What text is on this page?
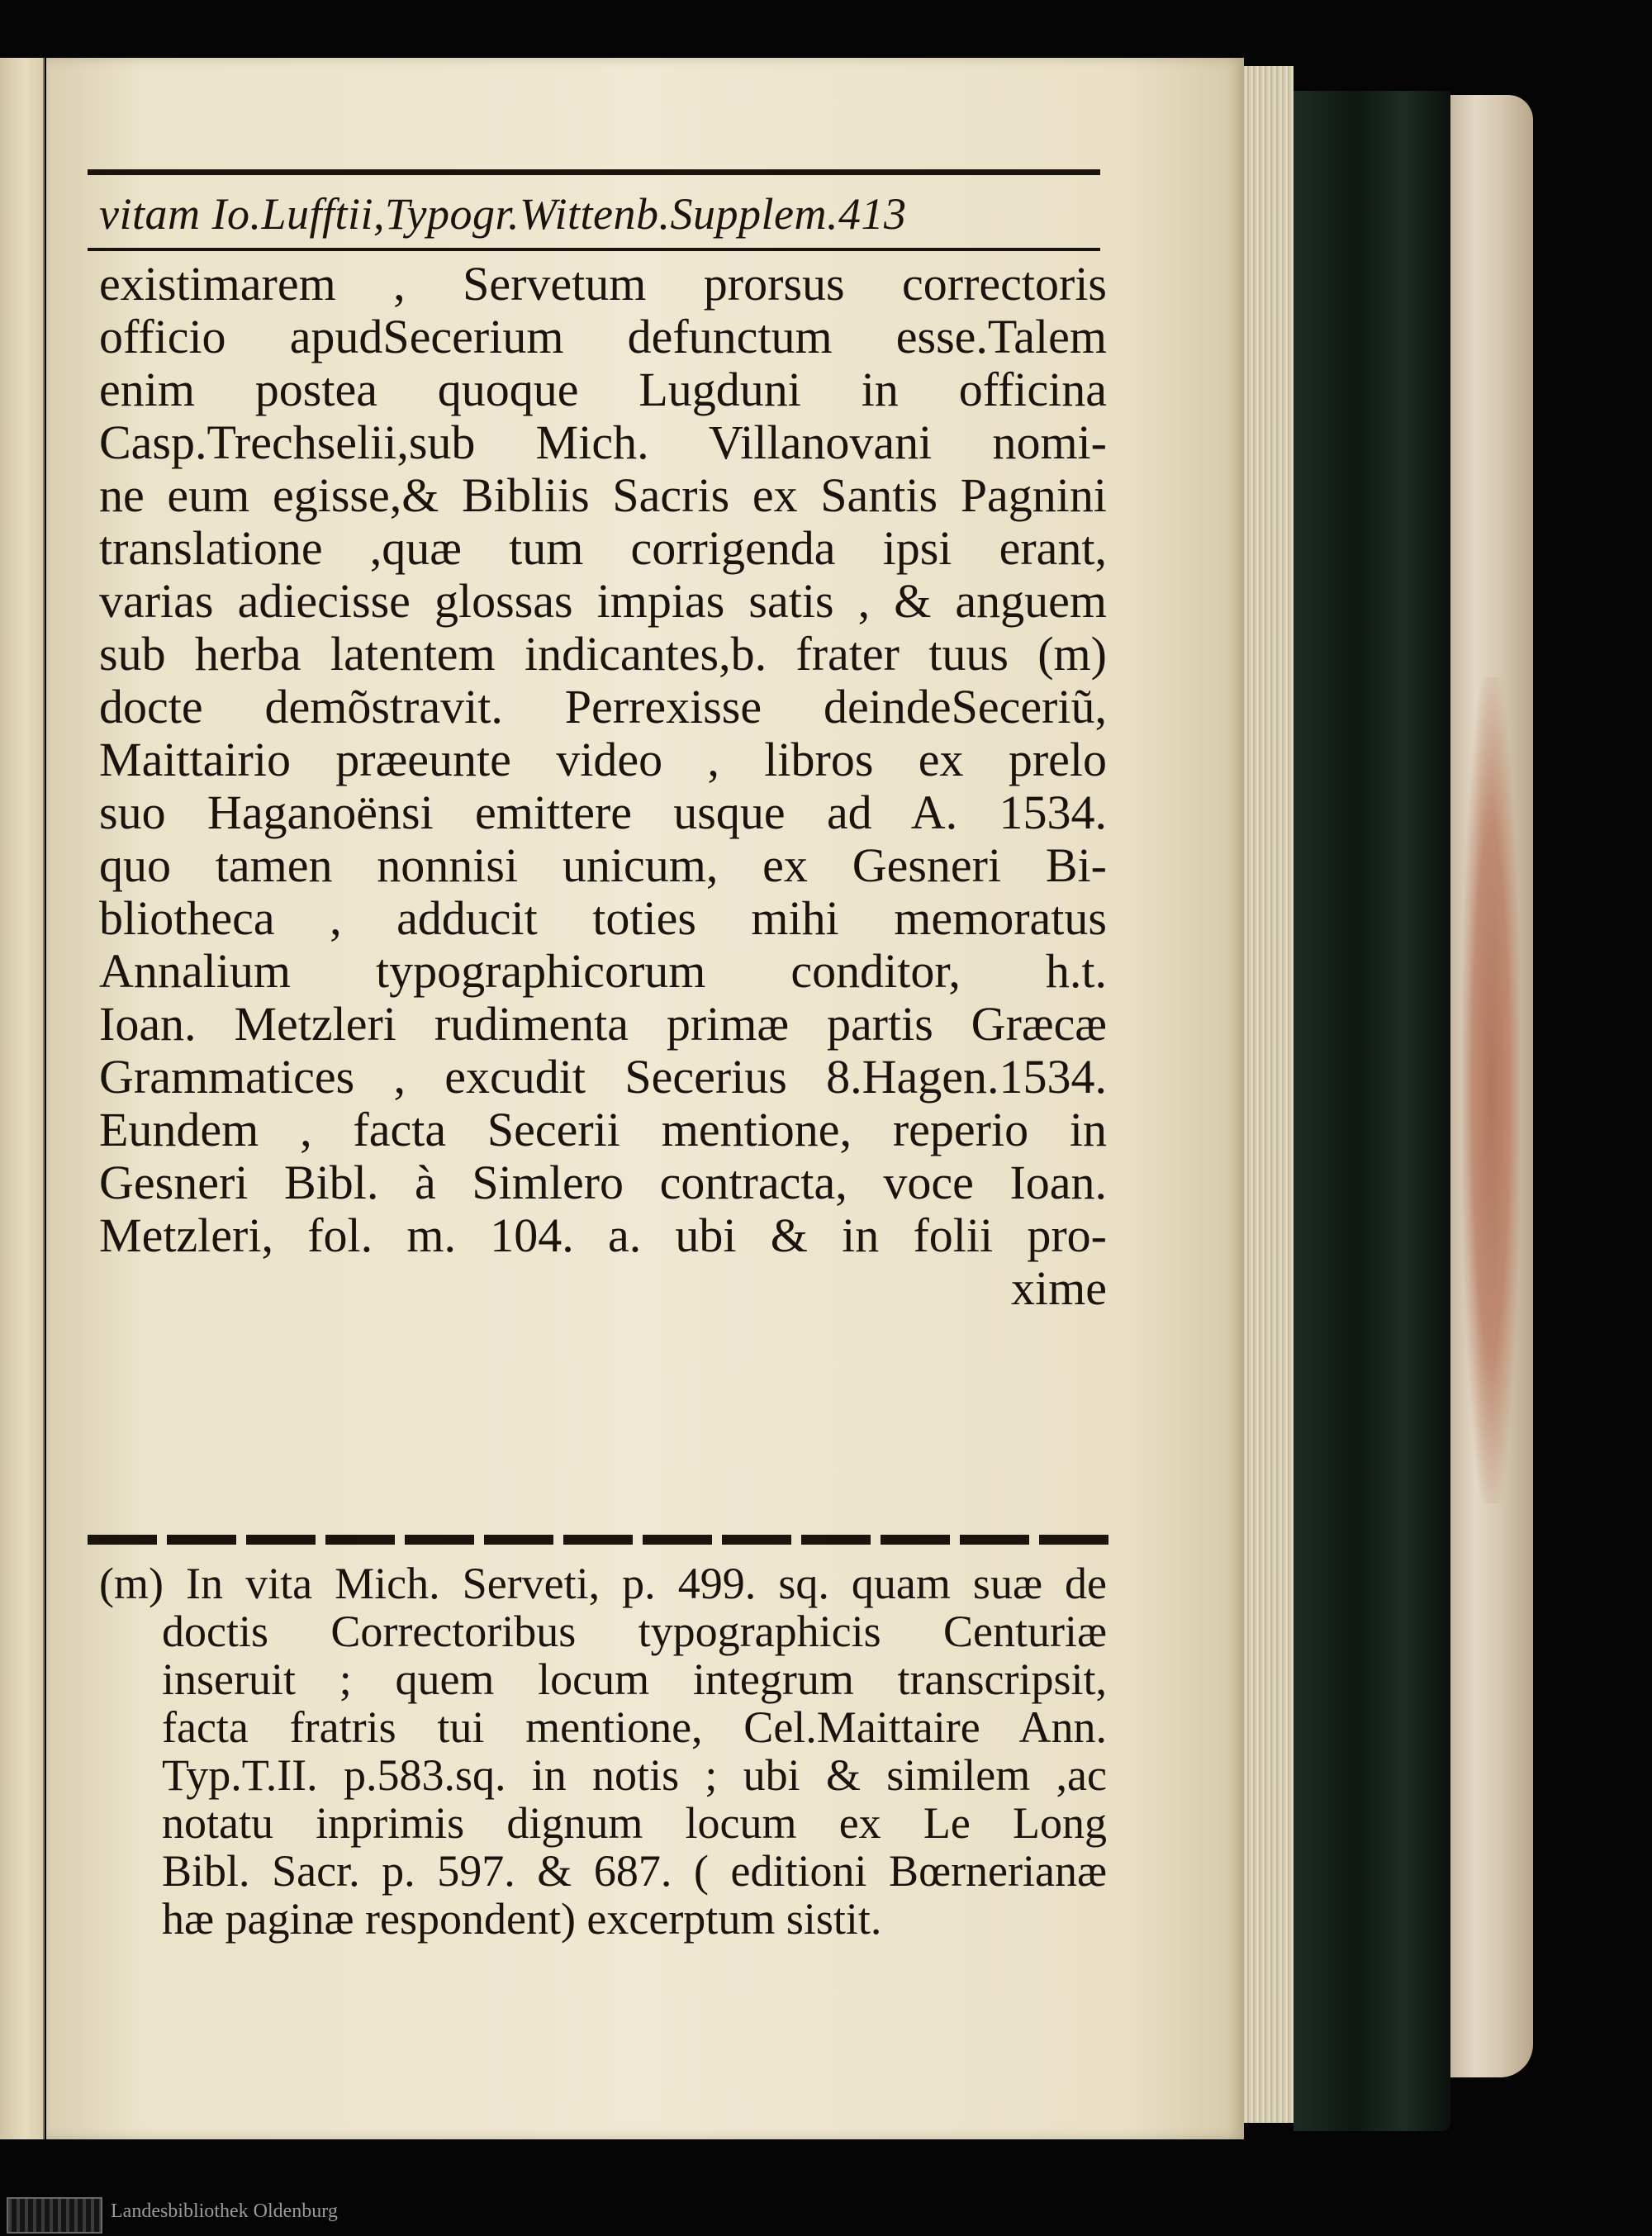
vitam Io.Lufftii,Typogr.Wittenb.Supplem.413
existimarem , Servetum prorsus correctoris
officio apudSecerium defunctum esse.Talem
enim postea quoque Lugduni in officina
Casp.Trechselii,sub Mich. Villanovani nomi-
ne eum egisse,& Bibliis Sacris ex Santis Pagnini
translatione ,quæ tum corrigenda ipsi erant,
varias adiecisse glossas impias satis , & anguem
sub herba latentem indicantes,b. frater tuus (m)
docte demõstravit. Perrexisse deindeSeceriũ,
Maittairio præeunte video , libros ex prelo
suo Haganoënsi emittere usque ad A. 1534.
quo tamen nonnisi unicum, ex Gesneri Bi-
bliotheca , adducit toties mihi memoratus
Annalium typographicorum conditor, h.t.
Ioan. Metzleri rudimenta primæ partis Græcæ
Grammatices , excudit Secerius 8.Hagen.1534.
Eundem , facta Secerii mentione, reperio in
Gesneri Bibl. à Simlero contracta, voce Ioan.
Metzleri, fol. m. 104. a. ubi & in folii pro-
xime
(m) In vita Mich. Serveti, p. 499. sq. quam suæ de
doctis Correctoribus typographicis Centuriæ
inseruit ; quem locum integrum transcripsit,
facta fratris tui mentione, Cel.Maittaire Ann.
Typ.T.II. p.583.sq. in notis ; ubi & similem ,ac
notatu inprimis dignum locum ex Le Long
Bibl. Sacr. p. 597. & 687. ( editioni Bœrnerianæ
hæ paginæ respondent) excerptum sistit.
Landesbibliothek Oldenburg
